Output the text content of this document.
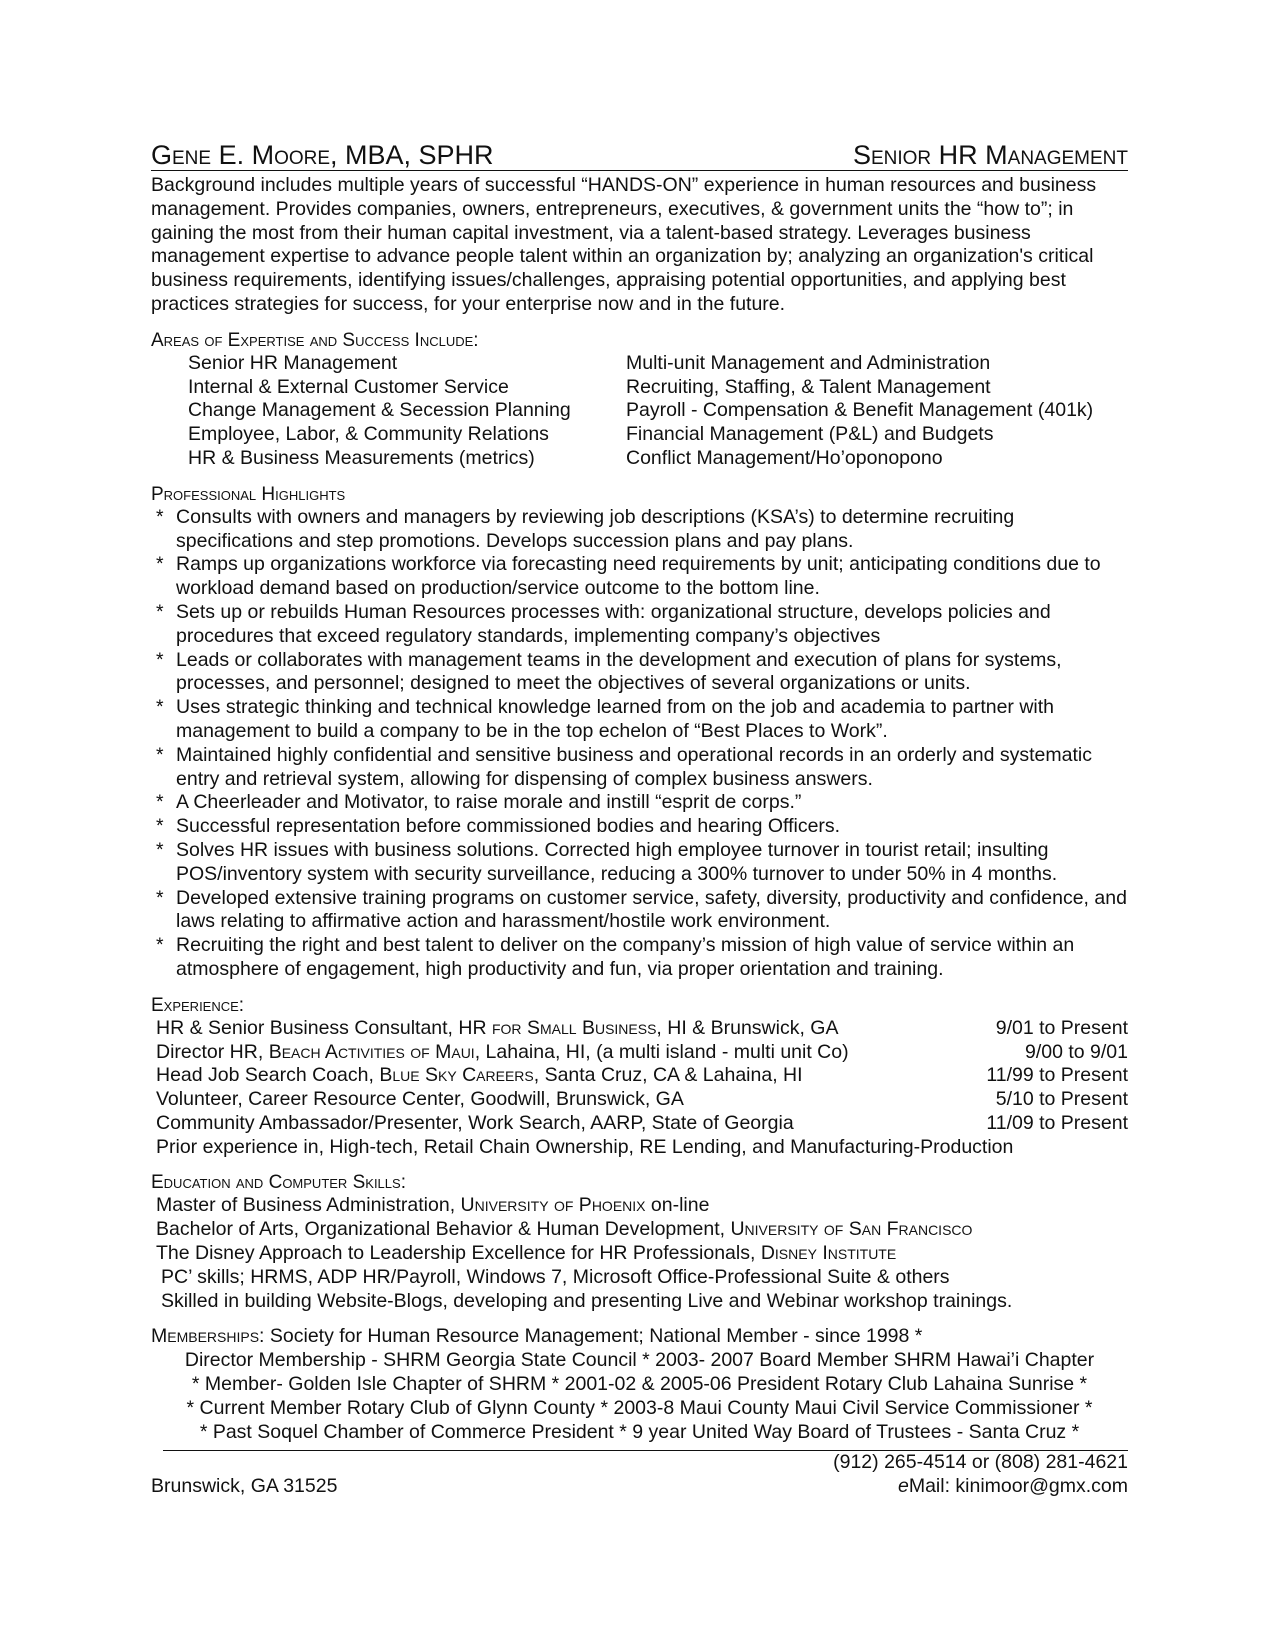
Gene E. Moore, MBA, SPHR	Senior HR Management
Background includes multiple years of successful “HANDS-ON” experience in human resources and business management. Provides companies, owners, entrepreneurs, executives, & government units the “how to”; in gaining the most from their human capital investment, via a talent-based strategy. Leverages business management expertise to advance people talent within an organization by; analyzing an organization's critical business requirements, identifying issues/challenges, appraising potential opportunities, and applying best practices strategies for success, for your enterprise now and in the future.
Areas of Expertise and Success Include:
Senior HR Management	Multi-unit Management and Administration
Internal & External Customer Service	Recruiting, Staffing, & Talent Management
Change Management & Secession Planning	Payroll - Compensation & Benefit Management (401k)
Employee, Labor, & Community Relations	Financial Management (P&L) and Budgets
HR & Business Measurements (metrics)	Conflict Management/Ho’oponopono
Professional Highlights
* Consults with owners and managers by reviewing job descriptions (KSA’s) to determine recruiting specifications and step promotions. Develops succession plans and pay plans.
* Ramps up organizations workforce via forecasting need requirements by unit; anticipating conditions due to workload demand based on production/service outcome to the bottom line.
* Sets up or rebuilds Human Resources processes with: organizational structure, develops policies and procedures that exceed regulatory standards, implementing company’s objectives
* Leads or collaborates with management teams in the development and execution of plans for systems, processes, and personnel; designed to meet the objectives of several organizations or units.
* Uses strategic thinking and technical knowledge learned from on the job and academia to partner with management to build a company to be in the top echelon of “Best Places to Work”.
* Maintained highly confidential and sensitive business and operational records in an orderly and systematic entry and retrieval system, allowing for dispensing of complex business answers.
* A Cheerleader and Motivator, to raise morale and instill “esprit de corps.”
* Successful representation before commissioned bodies and hearing Officers.
* Solves HR issues with business solutions. Corrected high employee turnover in tourist retail; insulting POS/inventory system with security surveillance, reducing a 300% turnover to under 50% in 4 months.
* Developed extensive training programs on customer service, safety, diversity, productivity and confidence, and laws relating to affirmative action and harassment/hostile work environment.
* Recruiting the right and best talent to deliver on the company’s mission of high value of service within an atmosphere of engagement, high productivity and fun, via proper orientation and training.
Experience:
HR & Senior Business Consultant, HR for Small Business, HI & Brunswick, GA	9/01 to Present
Director HR, Beach Activities of Maui, Lahaina, HI, (a multi island - multi unit Co)	9/00 to 9/01
Head Job Search Coach, Blue Sky Careers, Santa Cruz, CA & Lahaina, HI	11/99 to Present
Volunteer, Career Resource Center, Goodwill, Brunswick, GA	5/10 to Present
Community Ambassador/Presenter, Work Search, AARP, State of Georgia	11/09 to Present
Prior experience in, High-tech, Retail Chain Ownership, RE Lending, and Manufacturing-Production
Education and Computer Skills:
Master of Business Administration, University of Phoenix on-line
Bachelor of Arts, Organizational Behavior & Human Development, University of San Francisco
The Disney Approach to Leadership Excellence for HR Professionals, Disney Institute
PC’ skills; HRMS, ADP HR/Payroll, Windows 7, Microsoft Office-Professional Suite & others
Skilled in building Website-Blogs, developing and presenting Live and Webinar workshop trainings.
Memberships: Society for Human Resource Management; National Member - since 1998 *
Director Membership - SHRM Georgia State Council * 2003- 2007 Board Member SHRM Hawai’i Chapter
* Member- Golden Isle Chapter of SHRM * 2001-02 & 2005-06 President Rotary Club Lahaina Sunrise *
* Current Member Rotary Club of Glynn County * 2003-8 Maui County Maui Civil Service Commissioner *
* Past Soquel Chamber of Commerce President * 9 year United Way Board of Trustees - Santa Cruz *
Brunswick, GA 31525
(912) 265-4514 or (808) 281-4621
eMail: kinimoor@gmx.com
